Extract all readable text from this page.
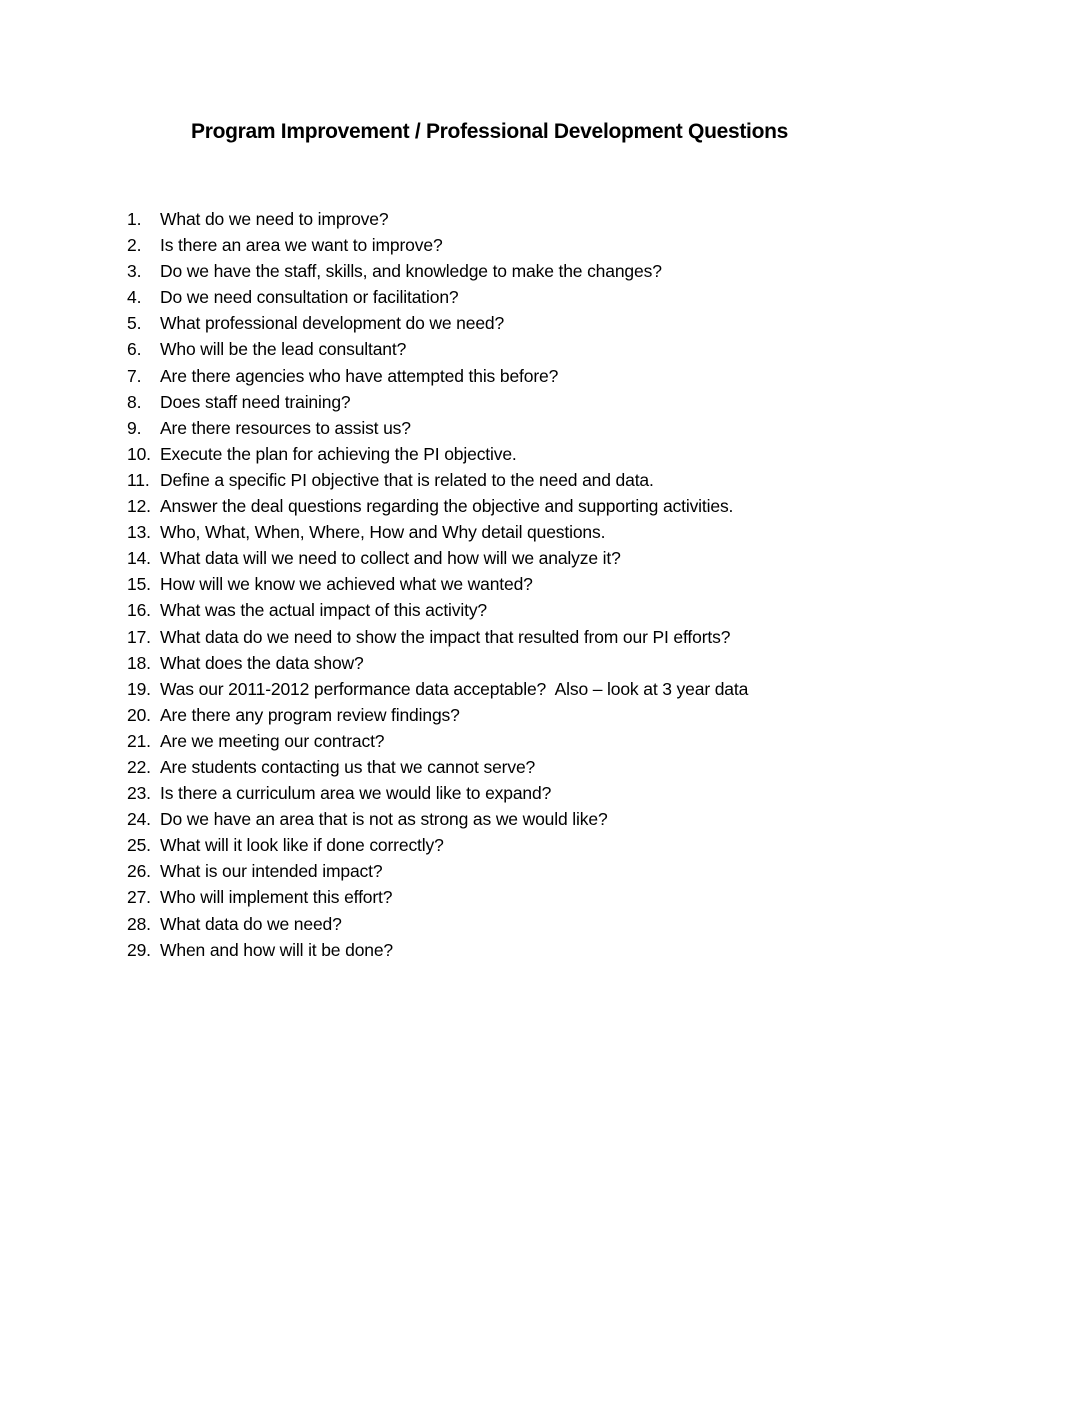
Program Improvement / Professional Development Questions
1.	What do we need to improve?
2.	Is there an area we want to improve?
3.	Do we have the staff, skills, and knowledge to make the changes?
4.	Do we need consultation or facilitation?
5.	What professional development do we need?
6.	Who will be the lead consultant?
7.	Are there agencies who have attempted this before?
8.	Does staff need training?
9.	Are there resources to assist us?
10. Execute the plan for achieving the PI objective.
11. Define a specific PI objective that is related to the need and data.
12. Answer the deal questions regarding the objective and supporting activities.
13. Who, What, When, Where, How and Why detail questions.
14. What data will we need to collect and how will we analyze it?
15. How will we know we achieved what we wanted?
16. What was the actual impact of this activity?
17. What data do we need to show the impact that resulted from our PI efforts?
18. What does the data show?
19. Was our 2011-2012 performance data acceptable?  Also – look at 3 year data
20. Are there any program review findings?
21. Are we meeting our contract?
22. Are students contacting us that we cannot serve?
23. Is there a curriculum area we would like to expand?
24. Do we have an area that is not as strong as we would like?
25. What will it look like if done correctly?
26. What is our intended impact?
27. Who will implement this effort?
28. What data do we need?
29. When and how will it be done?
